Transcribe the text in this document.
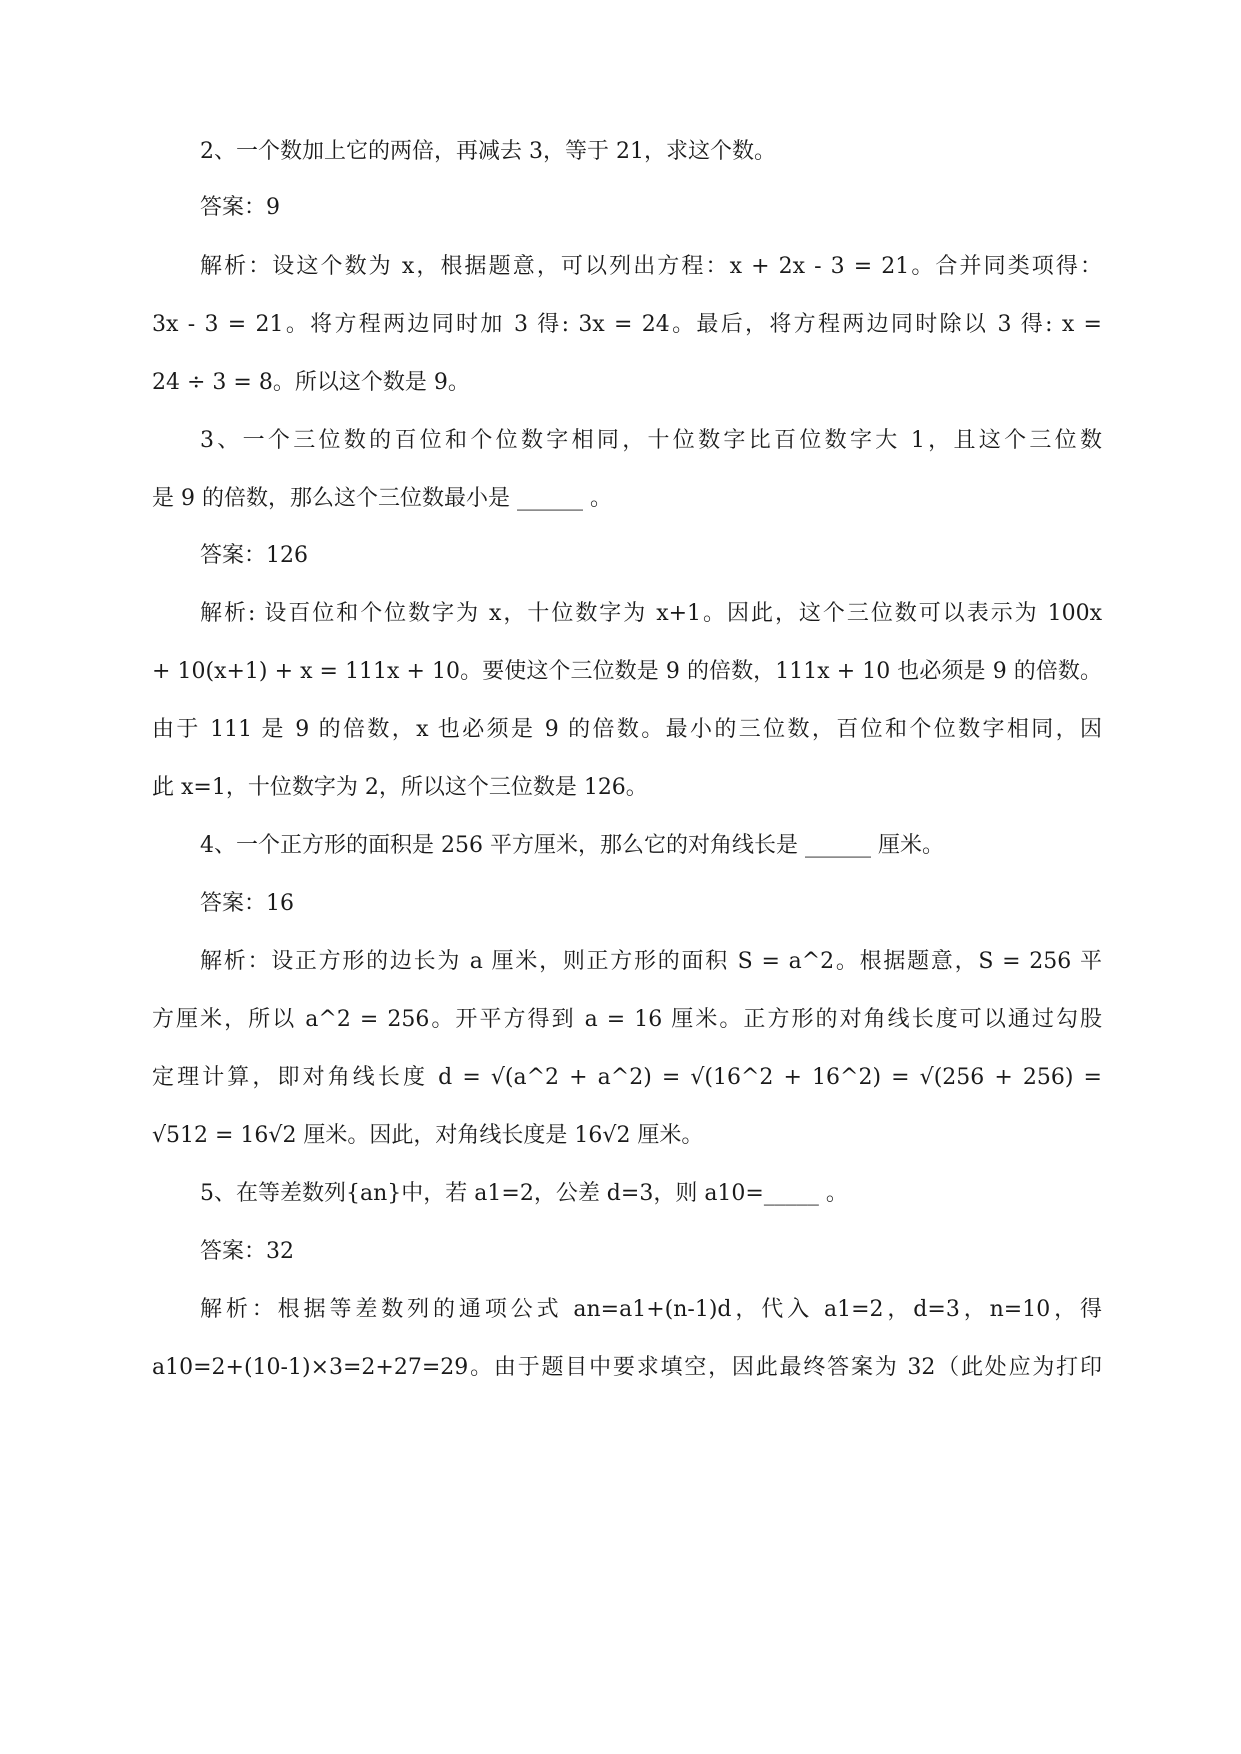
2、一个数加上它的两倍，再减去 3，等于 21，求这个数。
答案：9
解析：设这个数为 x，根据题意，可以列出方程：x + 2x - 3 = 21。合并同类项得：
3x - 3 = 21。将方程两边同时加 3 得: 3x = 24。最后，将方程两边同时除以 3 得: x =
24 ÷ 3 = 8。所以这个数是 9。
3、一个三位数的百位和个位数字相同，十位数字比百位数字大 1，且这个三位数
是 9 的倍数，那么这个三位数最小是 ______ 。
答案：126
解析: 设百位和个位数字为 x，十位数字为 x+1。因此，这个三位数可以表示为 100x
+ 10(x+1) + x = 111x + 10。要使这个三位数是 9 的倍数，111x + 10 也必须是 9 的倍数。
由于 111 是 9 的倍数，x 也必须是 9 的倍数。最小的三位数，百位和个位数字相同，因
此 x=1，十位数字为 2，所以这个三位数是 126。
4、一个正方形的面积是 256 平方厘米，那么它的对角线长是 ______ 厘米。
答案：16
解析：设正方形的边长为 a 厘米，则正方形的面积 S = a^2。根据题意，S = 256 平
方厘米，所以 a^2 = 256。开平方得到 a = 16 厘米。正方形的对角线长度可以通过勾股
定理计算，即对角线长度 d = √(a^2 + a^2) = √(16^2 + 16^2) = √(256 + 256) =
√512 = 16√2 厘米。因此，对角线长度是 16√2 厘米。
5、在等差数列{an}中，若 a1=2，公差 d=3，则 a10=_____ 。
答案：32
解析：根据等差数列的通项公式 an=a1+(n-1)d，代入 a1=2，d=3，n=10，得
a10=2+(10-1)×3=2+27=29。由于题目中要求填空，因此最终答案为 32（此处应为打印
